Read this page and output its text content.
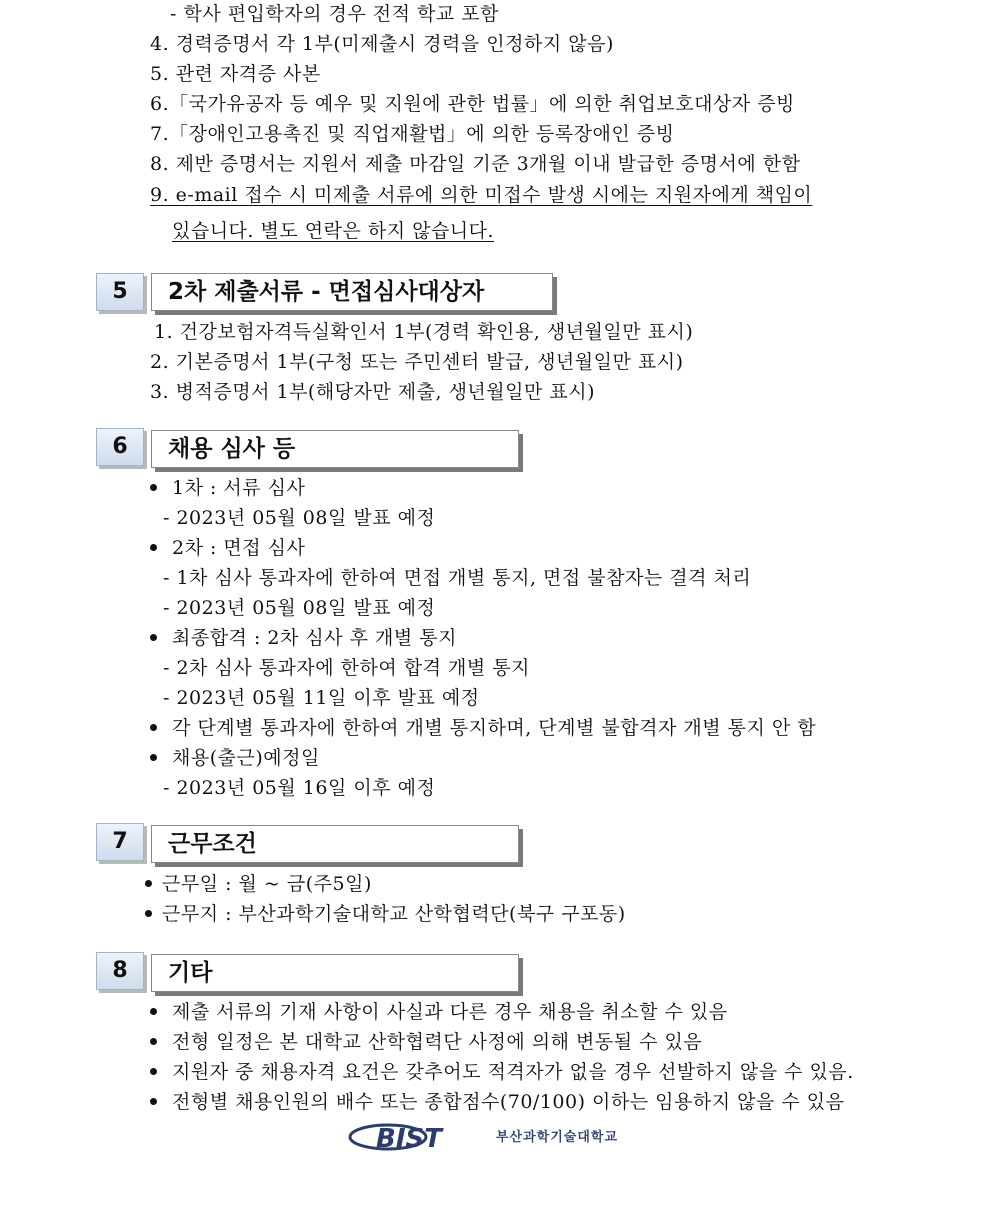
- 학사 편입학자의 경우 전적 학교 포함
4. 경력증명서 각 1부(미제출시 경력을 인정하지 않음)
5. 관련 자격증 사본
6.「국가유공자 등 예우 및 지원에 관한 법률」에 의한 취업보호대상자 증빙
7.「장애인고용촉진 및 직업재활법」에 의한 등록장애인 증빙
8. 제반 증명서는 지원서 제출 마감일 기준 3개월 이내 발급한 증명서에 한함
9. e-mail 접수 시 미제출 서류에 의한 미접수 발생 시에는 지원자에게 책임이
있습니다. 별도 연락은 하지 않습니다.
5	2차 제출서류 - 면접심사대상자
1. 건강보험자격득실확인서 1부(경력 확인용, 생년월일만 표시)
2. 기본증명서 1부(구청 또는 주민센터 발급, 생년월일만 표시)
3. 병적증명서 1부(해당자만 제출, 생년월일만 표시)
6	채용 심사 등
1차 : 서류 심사
- 2023년 05월 08일 발표 예정
2차 : 면접 심사
- 1차 심사 통과자에 한하여 면접 개별 통지, 면접 불참자는 결격 처리
- 2023년 05월 08일 발표 예정
최종합격 : 2차 심사 후 개별 통지
- 2차 심사 통과자에 한하여 합격 개별 통지
- 2023년 05월 11일 이후 발표 예정
각 단계별 통과자에 한하여 개별 통지하며, 단계별 불합격자 개별 통지 안 함
채용(출근)예정일
- 2023년 05월 16일 이후 예정
7	근무조건
근무일 : 월 ~ 금(주5일)
근무지 : 부산과학기술대학교 산학협력단(북구 구포동)
8	기타
제출 서류의 기재 사항이 사실과 다른 경우 채용을 취소할 수 있음
전형 일정은 본 대학교 산학협력단 사정에 의해 변동될 수 있음
지원자 중 채용자격 요건은 갖추어도 적격자가 없을 경우 선발하지 않을 수 있음.
전형별 채용인원의 배수 또는 종합점수(70/100) 이하는 임용하지 않을 수 있음
BIST	부산과학기술대학교
